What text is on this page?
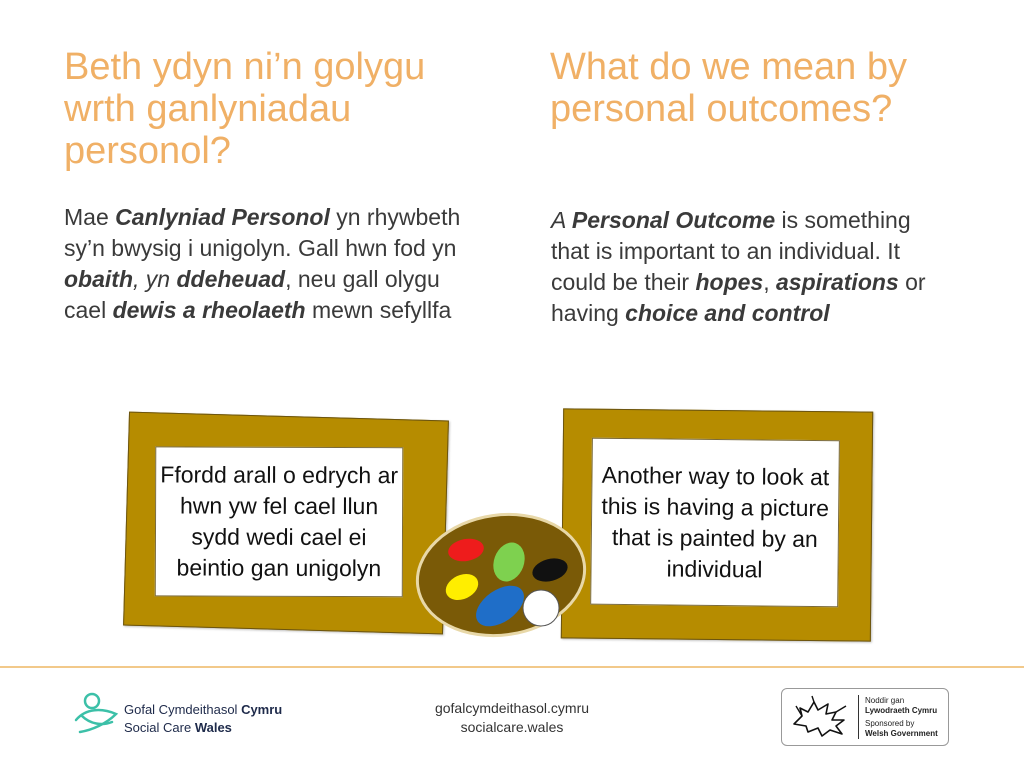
Beth ydyn ni’n golygu wrth ganlyniadau personol?
What do we mean by personal outcomes?

Mae Canlyniad Personol yn rhywbeth sy’n bwysig i unigolyn. Gall hwn fod yn obaith, yn ddeheuad, neu gall olygu cael dewis a rheolaeth mewn sefyllfa

A Personal Outcome is something that is important to an individual. It could be their hopes, aspirations or having choice and control

Ffordd arall o edrych ar hwn yw fel cael llun sydd wedi cael ei beintio gan unigolyn
Another way to look at this is having a picture that is painted by an individual
Gofal Cymdeithasol Cymru
Social Care Wales
gofalcymdeithasol.cymru
socialcare.wales
Noddir gan
Lywodraeth Cymru
Sponsored by
Welsh Government
